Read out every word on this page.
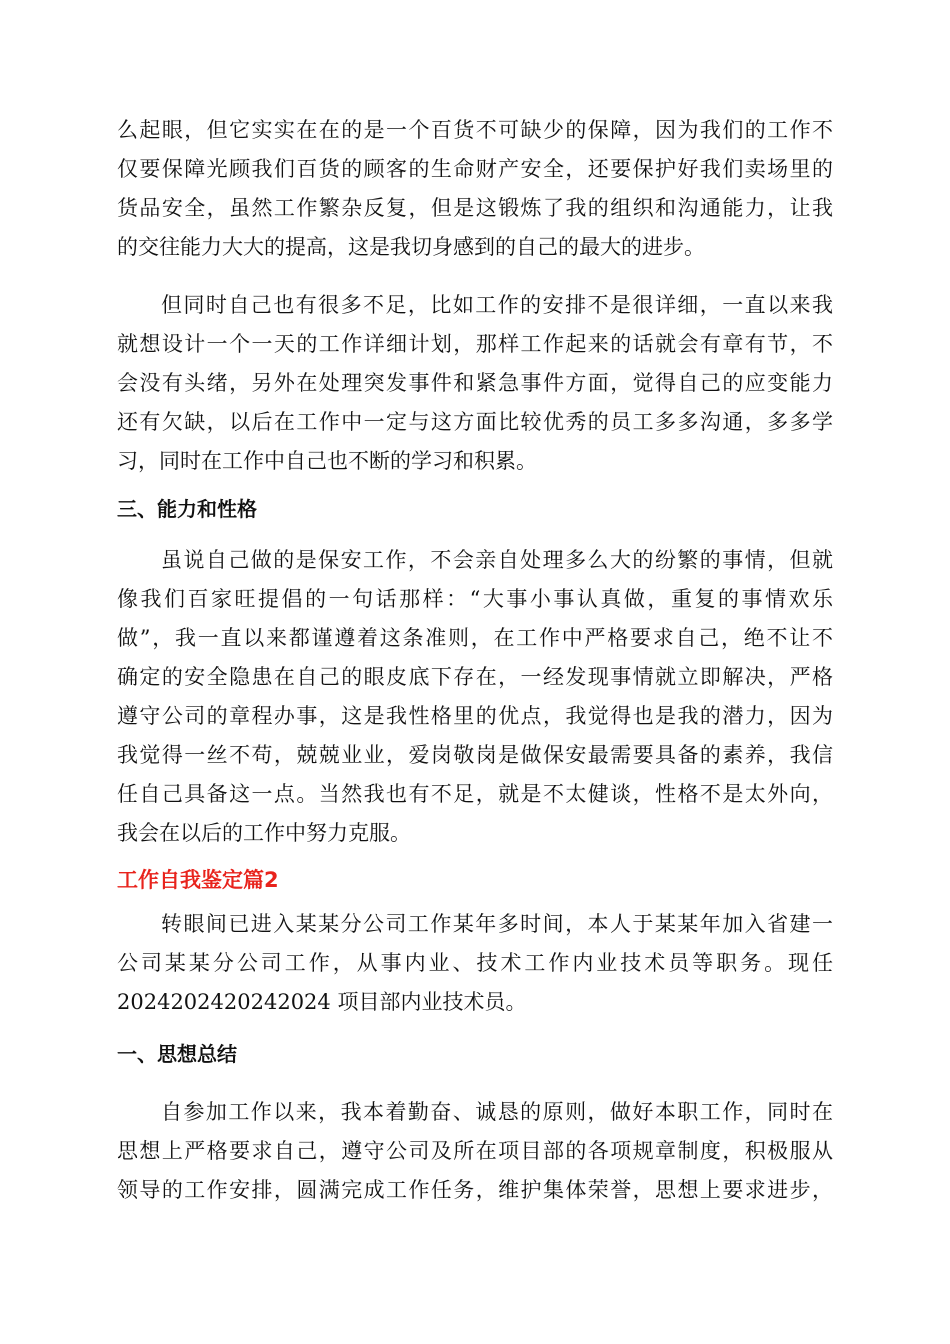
么起眼，但它实实在在的是一个百货不可缺少的保障，因为我们的工作不
仅要保障光顾我们百货的顾客的生命财产安全，还要保护好我们卖场里的
货品安全，虽然工作繁杂反复，但是这锻炼了我的组织和沟通能力，让我
的交往能力大大的提高，这是我切身感到的自己的最大的进步。
但同时自己也有很多不足，比如工作的安排不是很详细，一直以来我
就想设计一个一天的工作详细计划，那样工作起来的话就会有章有节，不
会没有头绪，另外在处理突发事件和紧急事件方面，觉得自己的应变能力
还有欠缺，以后在工作中一定与这方面比较优秀的员工多多沟通，多多学
习，同时在工作中自己也不断的学习和积累。
三、能力和性格
虽说自己做的是保安工作，不会亲自处理多么大的纷繁的事情，但就
像我们百家旺提倡的一句话那样：“大事小事认真做，重复的事情欢乐
做”，我一直以来都谨遵着这条准则，在工作中严格要求自己，绝不让不
确定的安全隐患在自己的眼皮底下存在，一经发现事情就立即解决，严格
遵守公司的章程办事，这是我性格里的优点，我觉得也是我的潜力，因为
我觉得一丝不苟，兢兢业业，爱岗敬岗是做保安最需要具备的素养，我信
任自己具备这一点。当然我也有不足，就是不太健谈，性格不是太外向，
我会在以后的工作中努力克服。
工作自我鉴定篇2
转眼间已进入某某分公司工作某年多时间，本人于某某年加入省建一
公司某某分公司工作，从事内业、技术工作内业技术员等职务。现任
2024202420242024 项目部内业技术员。
一、思想总结
自参加工作以来，我本着勤奋、诚恳的原则，做好本职工作，同时在
思想上严格要求自己，遵守公司及所在项目部的各项规章制度，积极服从
领导的工作安排，圆满完成工作任务，维护集体荣誉，思想上要求进步，
